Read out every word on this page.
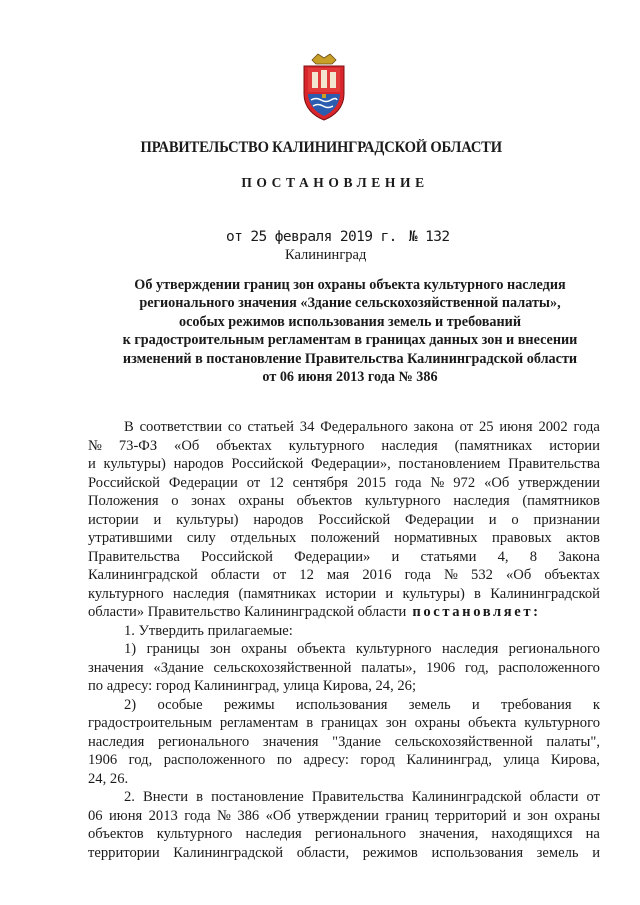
ПРАВИТЕЛЬСТВО КАЛИНИНГРАДСКОЙ ОБЛАСТИ
ПОСТАНОВЛЕНИЕ
от 25 февраля 2019 г. № 132
Калининград
Об утверждении границ зон охраны объекта культурного наследия
регионального значения «Здание сельскохозяйственной палаты»,
особых режимов использования земель и требований
к градостроительным регламентам в границах данных зон и внесении
изменений в постановление Правительства Калининградской области
от 06 июня 2013 года № 386
В соответствии со статьей 34 Федерального закона от 25 июня 2002 года
№ 73-ФЗ «Об объектах культурного наследия (памятниках истории
и культуры) народов Российской Федерации», постановлением Правительства
Российской Федерации от 12 сентября 2015 года № 972 «Об утверждении
Положения о зонах охраны объектов культурного наследия (памятников
истории и культуры) народов Российской Федерации и о признании
утратившими силу отдельных положений нормативных правовых актов
Правительства Российской Федерации» и статьями 4, 8 Закона
Калининградской области от 12 мая 2016 года № 532 «Об объектах
культурного наследия (памятниках истории и культуры) в Калининградской
области» Правительство Калининградской области постановляет:
1. Утвердить прилагаемые:
1) границы зон охраны объекта культурного наследия регионального
значения «Здание сельскохозяйственной палаты», 1906 год, расположенного
по адресу: город Калининград, улица Кирова, 24, 26;
2) особые режимы использования земель и требования к
градостроительным регламентам в границах зон охраны объекта культурного
наследия регионального значения "Здание сельскохозяйственной палаты",
1906 год, расположенного по адресу: город Калининград, улица Кирова,
24, 26.
2. Внести в постановление Правительства Калининградской области от
06 июня 2013 года № 386 «Об утверждении границ территорий и зон охраны
объектов культурного наследия регионального значения, находящихся на
территории Калининградской области, режимов использования земель и
